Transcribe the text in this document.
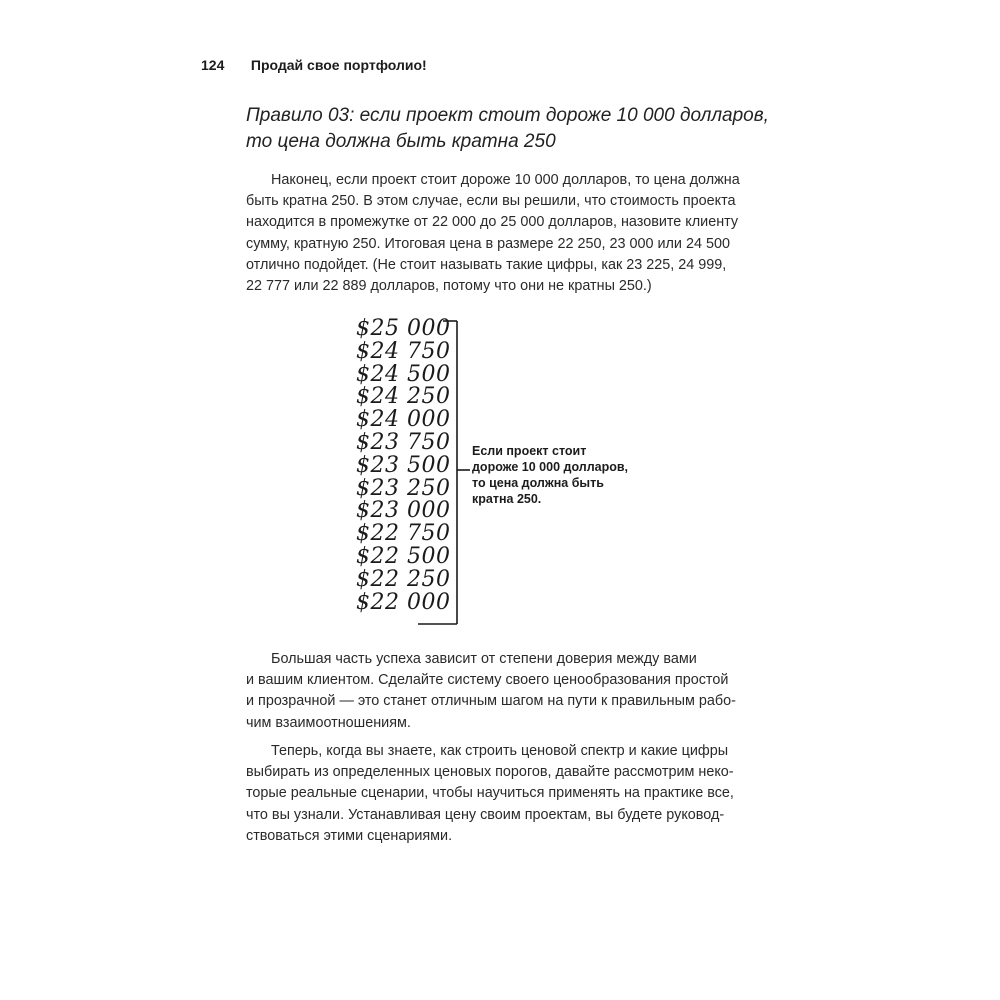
124 Продай свое портфолио!
Правило 03: если проект стоит дороже 10 000 долларов,
то цена должна быть кратна 250

Наконец, если проект стоит дороже 10 000 долларов, то цена должна
быть кратна 250. В этом случае, если вы решили, что стоимость проекта
находится в промежутке от 22 000 до 25 000 долларов, назовите клиенту
сумму, кратную 250. Итоговая цена в размере 22 250, 23 000 или 24 500
отлично подойдет. (Не стоит называть такие цифры, как 23 225, 24 999,
22 777 или 22 889 долларов, потому что они не кратны 250.)

$25 000
$24 750
$24 500
$24 250
$24 000
$23 750
$23 500
$23 250
$23 000
$22 750
$22 500
$22 250
$22 000
Если проект стоит
дороже 10 000 долларов,
то цена должна быть
кратна 250.

Большая часть успеха зависит от степени доверия между вами
и вашим клиентом. Сделайте систему своего ценообразования простой
и прозрачной — это станет отличным шагом на пути к правильным рабо-
чим взаимоотношениям.

Теперь, когда вы знаете, как строить ценовой спектр и какие цифры
выбирать из определенных ценовых порогов, давайте рассмотрим неко-
торые реальные сценарии, чтобы научиться применять на практике все,
что вы узнали. Устанавливая цену своим проектам, вы будете руковод-
ствоваться этими сценариями.
